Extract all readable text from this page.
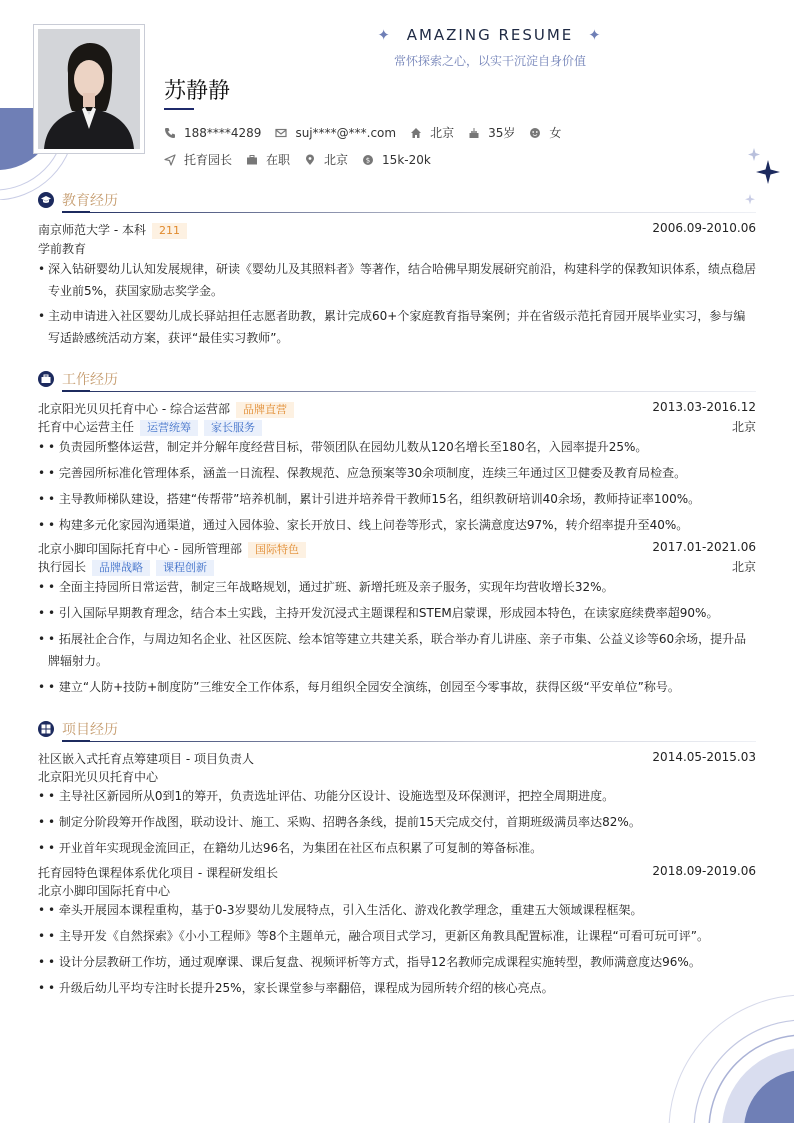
✦ AMAZING RESUME ✦
常怀探索之心，以实干沉淀自身价值
苏静静
188****4289	suj****@***.com	北京	35岁	女
托育园长	在职	北京	$ 15k-20k
教育经历
南京师范大学 - 本科 211	2006.09-2010.06
学前教育
• 深入钻研婴幼儿认知发展规律，研读《婴幼儿及其照料者》等著作，结合哈佛早期发展研究前沿，构建科学的保教知识体系，绩点稳居专业前5%，获国家励志奖学金。
• 主动申请进入社区婴幼儿成长驿站担任志愿者助教，累计完成60+个家庭教育指导案例；并在省级示范托育园开展毕业实习，参与编写适龄感统活动方案，获评“最佳实习教师”。
工作经历
北京阳光贝贝托育中心 - 综合运营部 品牌直营	2013.03-2016.12
托育中心运营主任 运营统筹 家长服务	北京
• • 负责园所整体运营，制定并分解年度经营目标，带领团队在园幼儿数从120名增长至180名，入园率提升25%。
• • 完善园所标准化管理体系，涵盖一日流程、保教规范、应急预案等30余项制度，连续三年通过区卫健委及教育局检查。
• • 主导教师梯队建设，搭建“传帮带”培养机制，累计引进并培养骨干教师15名，组织教研培训40余场，教师持证率100%。
• • 构建多元化家园沟通渠道，通过入园体验、家长开放日、线上问卷等形式，家长满意度达97%，转介绍率提升至40%。
北京小脚印国际托育中心 - 园所管理部 国际特色	2017.01-2021.06
执行园长 品牌战略 课程创新	北京
• • 全面主持园所日常运营，制定三年战略规划，通过扩班、新增托班及亲子服务，实现年均营收增长32%。
• • 引入国际早期教育理念，结合本土实践，主持开发沉浸式主题课程和STEM启蒙课，形成园本特色，在读家庭续费率超90%。
• • 拓展社企合作，与周边知名企业、社区医院、绘本馆等建立共建关系，联合举办育儿讲座、亲子市集、公益义诊等60余场，提升品牌辐射力。
• • 建立“人防+技防+制度防”三维安全工作体系，每月组织全园安全演练，创园至今零事故，获得区级“平安单位”称号。
项目经历
社区嵌入式托育点筹建项目 - 项目负责人	2014.05-2015.03
北京阳光贝贝托育中心
• • 主导社区新园所从0到1的筹开，负责选址评估、功能分区设计、设施选型及环保测评，把控全周期进度。
• • 制定分阶段筹开作战图，联动设计、施工、采购、招聘各条线，提前15天完成交付，首期班级满员率达82%。
• • 开业首年实现现金流回正，在籍幼儿达96名，为集团在社区布点积累了可复制的筹备标准。
托育园特色课程体系优化项目 - 课程研发组长	2018.09-2019.06
北京小脚印国际托育中心
• • 牵头开展园本课程重构，基于0-3岁婴幼儿发展特点，引入生活化、游戏化教学理念，重建五大领域课程框架。
• • 主导开发《自然探索》《小小工程师》等8个主题单元，融合项目式学习，更新区角教具配置标准，让课程“可看可玩可评”。
• • 设计分层教研工作坊，通过观摩课、课后复盘、视频评析等方式，指导12名教师完成课程实施转型，教师满意度达96%。
• • 升级后幼儿平均专注时长提升25%，家长课堂参与率翻倍，课程成为园所转介绍的核心亮点。
